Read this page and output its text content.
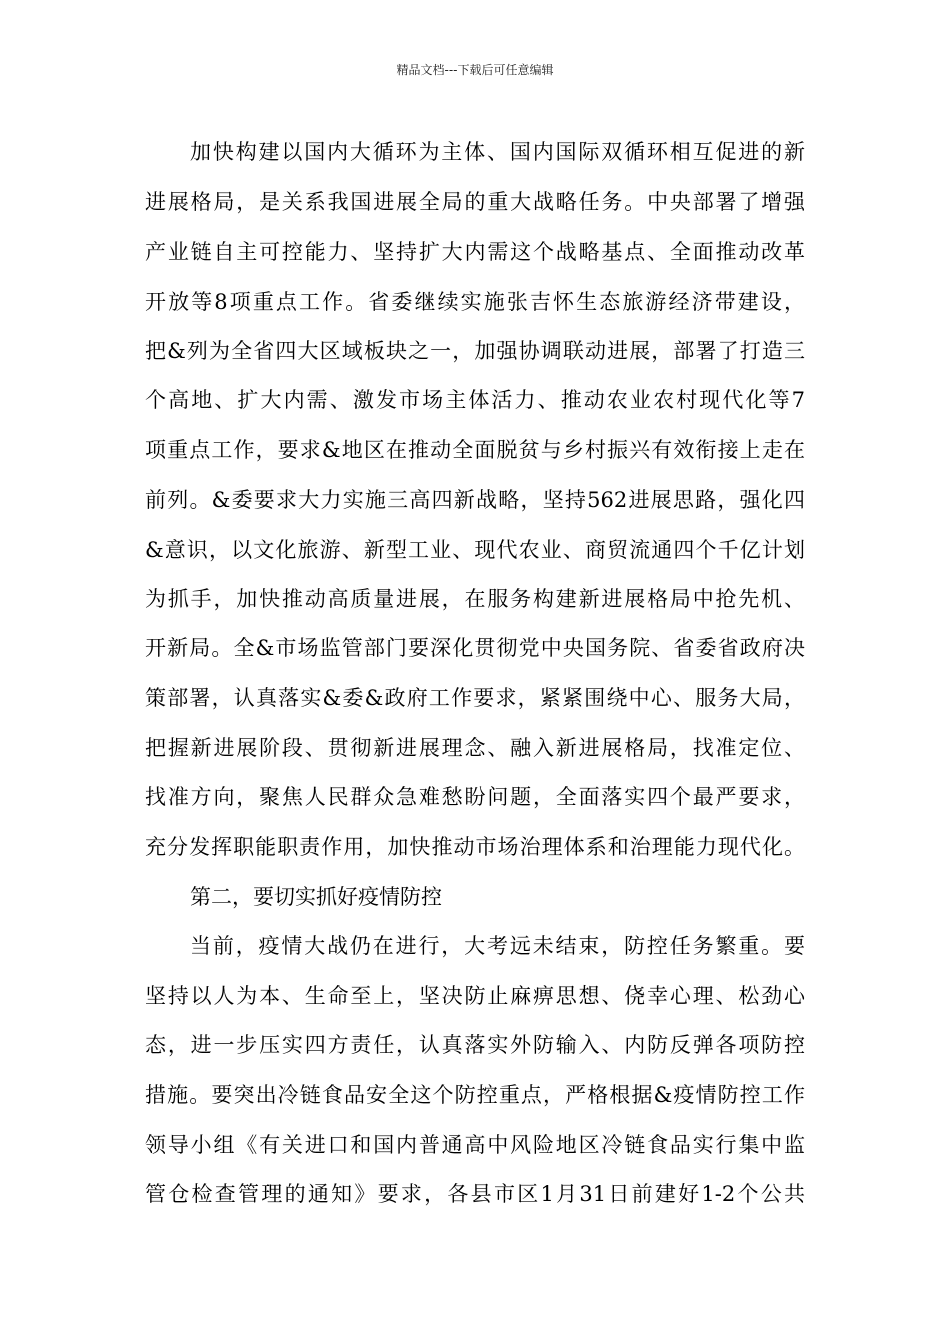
精品文档---下载后可任意编辑
加快构建以国内大循环为主体、国内国际双循环相互促进的新
进展格局，是关系我国进展全局的重大战略任务。中央部署了增强
产业链自主可控能力、坚持扩大内需这个战略基点、全面推动改革
开放等8项重点工作。省委继续实施张吉怀生态旅游经济带建设，
把&列为全省四大区域板块之一，加强协调联动进展，部署了打造三
个高地、扩大内需、激发市场主体活力、推动农业农村现代化等7
项重点工作，要求&地区在推动全面脱贫与乡村振兴有效衔接上走在
前列。&委要求大力实施三高四新战略，坚持562进展思路，强化四
&意识，以文化旅游、新型工业、现代农业、商贸流通四个千亿计划
为抓手，加快推动高质量进展，在服务构建新进展格局中抢先机、
开新局。全&市场监管部门要深化贯彻党中央国务院、省委省政府决
策部署，认真落实&委&政府工作要求，紧紧围绕中心、服务大局，
把握新进展阶段、贯彻新进展理念、融入新进展格局，找准定位、
找准方向，聚焦人民群众急难愁盼问题，全面落实四个最严要求，
充分发挥职能职责作用，加快推动市场治理体系和治理能力现代化。
第二，要切实抓好疫情防控
当前，疫情大战仍在进行，大考远未结束，防控任务繁重。要
坚持以人为本、生命至上，坚决防止麻痹思想、侥幸心理、松劲心
态，进一步压实四方责任，认真落实外防输入、内防反弹各项防控
措施。要突出冷链食品安全这个防控重点，严格根据&疫情防控工作
领导小组《有关进口和国内普通高中风险地区冷链食品实行集中监
管仓检查管理的通知》要求，各县市区1月31日前建好1-2个公共
